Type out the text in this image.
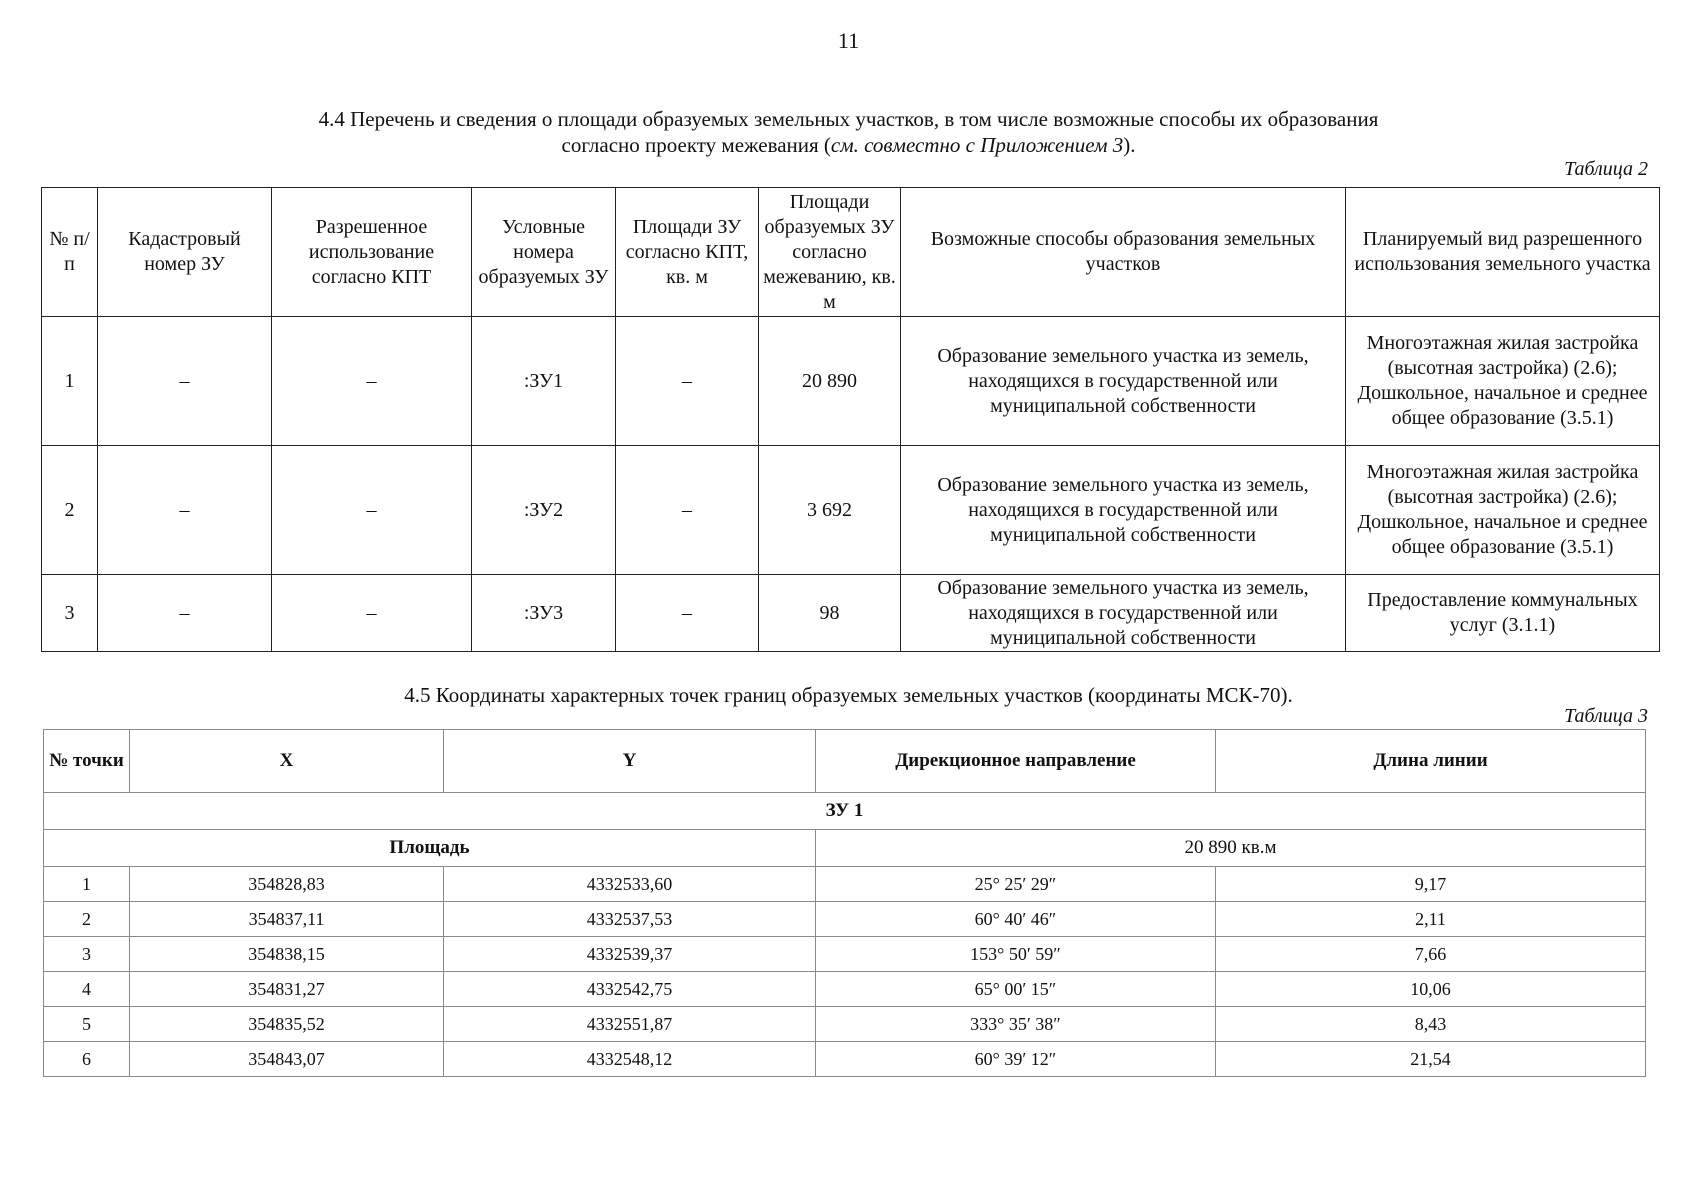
11
4.4 Перечень и сведения о площади образуемых земельных участков, в том числе возможные способы их образования
согласно проекту межевания (см. совместно с Приложением 3).
Таблица 2
№ п/п	Кадастровый номер ЗУ	Разрешенное использование согласно КПТ	Условные номера образуемых ЗУ	Площади ЗУ согласно КПТ, кв. м	Площади образуемых ЗУ согласно межеванию, кв. м	Возможные способы образования земельных участков	Планируемый вид разрешенного использования земельного участка
1	–	–	:ЗУ1	–	20 890	Образование земельного участка из земель, находящихся в государственной или муниципальной собственности	Многоэтажная жилая застройка (высотная застройка) (2.6); Дошкольное, начальное и среднее общее образование (3.5.1)
2	–	–	:ЗУ2	–	3 692	Образование земельного участка из земель, находящихся в государственной или муниципальной собственности	Многоэтажная жилая застройка (высотная застройка) (2.6); Дошкольное, начальное и среднее общее образование (3.5.1)
3	–	–	:ЗУ3	–	98	Образование земельного участка из земель, находящихся в государственной или муниципальной собственности	Предоставление коммунальных услуг (3.1.1)
4.5 Координаты характерных точек границ образуемых земельных участков (координаты МСК-70).
Таблица 3
№ точки	X	Y	Дирекционное направление	Длина линии
ЗУ 1				
Площадь			20 890 кв.м	
1	354828,83	4332533,60	25° 25′ 29″	9,17
2	354837,11	4332537,53	60° 40′ 46″	2,11
3	354838,15	4332539,37	153° 50′ 59″	7,66
4	354831,27	4332542,75	65° 00′ 15″	10,06
5	354835,52	4332551,87	333° 35′ 38″	8,43
6	354843,07	4332548,12	60° 39′ 12″	21,54
